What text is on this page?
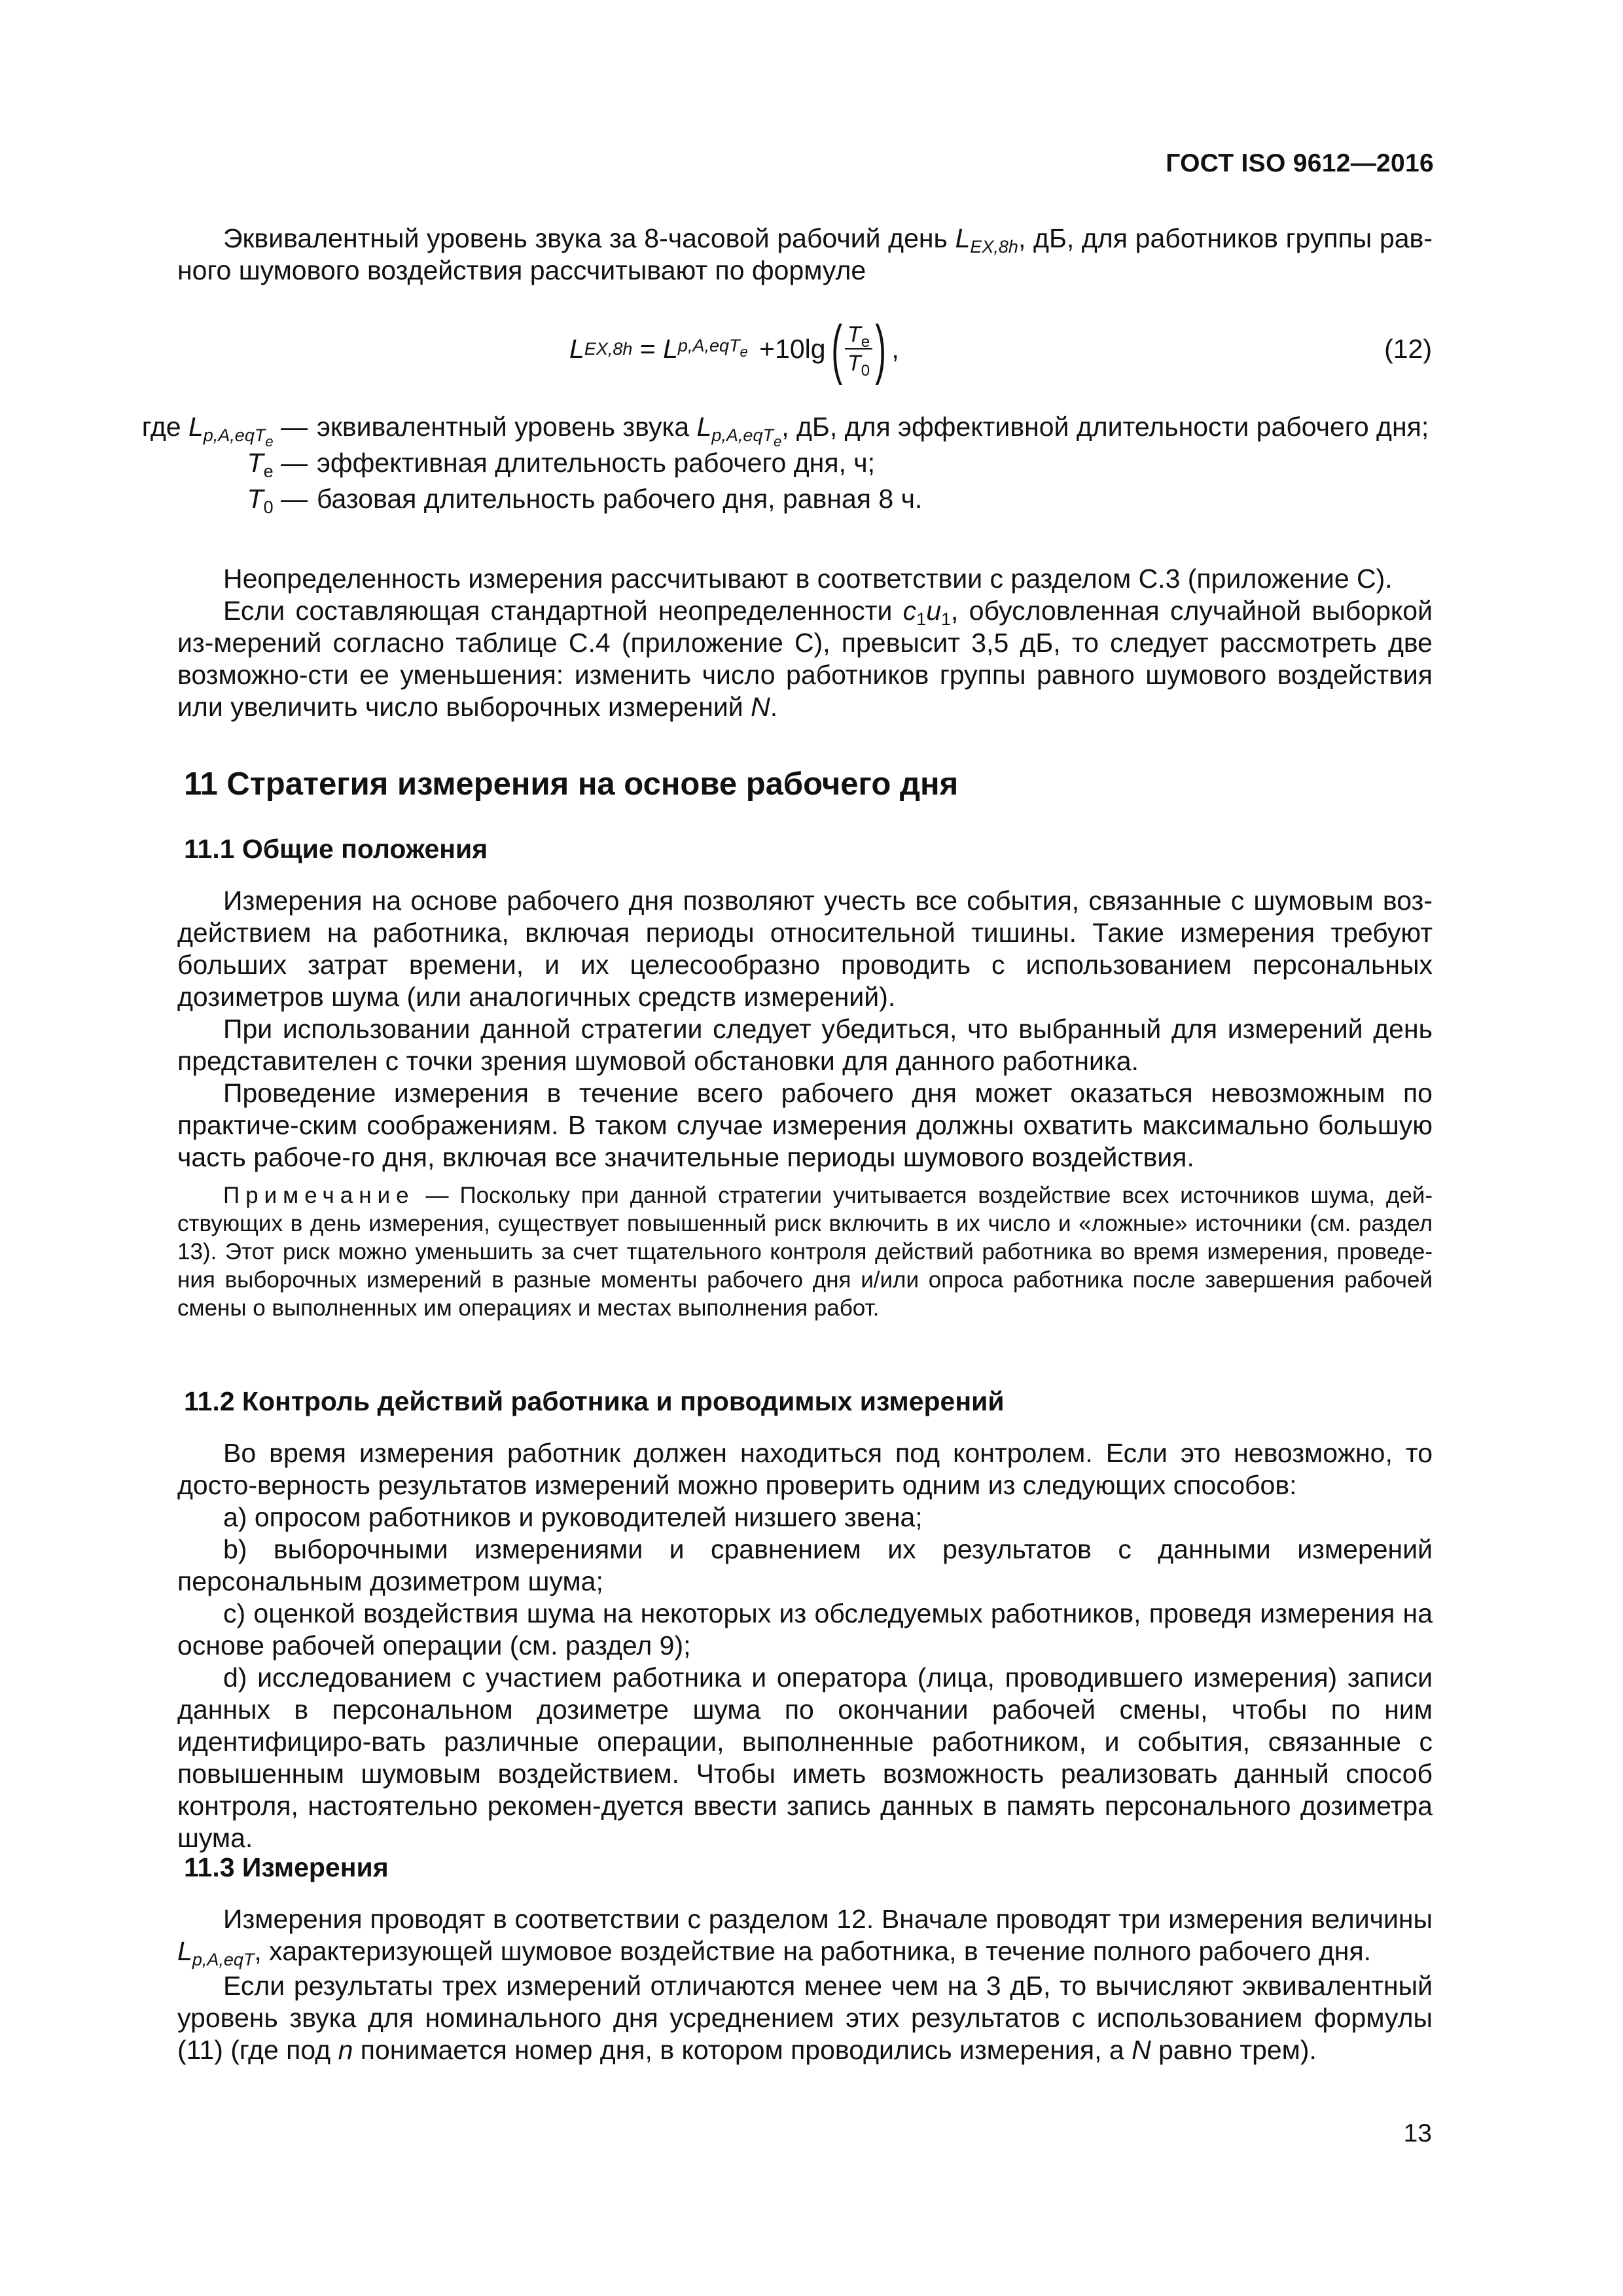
ГОСТ ISO 9612—2016

Эквивалентный уровень звука за 8-часовой рабочий день $L_{EX,8h}$, дБ, для работников группы рав-ного шумового воздействия рассчитывают по формуле

L EX,8h = L p,A,eqT$_e$ +10lg ( $\frac{T_e}{T_0}$ ) ,	(12)
где $L_{p,A,eqT_e}$ — эквивалентный уровень звука $L_{p,A,eqT_e}$, дБ, для эффективной длительности рабочего дня;
$T_e$ — эффективная длительность рабочего дня, ч;
$T_0$ — базовая длительность рабочего дня, равная 8 ч.

Неопределенность измерения рассчитывают в соответствии с разделом С.3 (приложение С).

Если составляющая стандартной неопределенности $c_1u_1$, обусловленная случайной выборкой из-мерений согласно таблице С.4 (приложение С), превысит 3,5 дБ, то следует рассмотреть две возможно-сти ее уменьшения: изменить число работников группы равного шумового воздействия или увеличить число выборочных измерений N.

11 Стратегия измерения на основе рабочего дня
11.1 Общие положения

Измерения на основе рабочего дня позволяют учесть все события, связанные с шумовым воз-действием на работника, включая периоды относительной тишины. Такие измерения требуют больших затрат времени, и их целесообразно проводить с использованием персональных дозиметров шума (или аналогичных средств измерений).

При использовании данной стратегии следует убедиться, что выбранный для измерений день представителен с точки зрения шумовой обстановки для данного работника.

Проведение измерения в течение всего рабочего дня может оказаться невозможным по практиче-ским соображениям. В таком случае измерения должны охватить максимально большую часть рабоче-го дня, включая все значительные периоды шумового воздействия.

Примечание — Поскольку при данной стратегии учитывается воздействие всех источников шума, дей-ствующих в день измерения, существует повышенный риск включить в их число и «ложные» источники (см. раздел 13). Этот риск можно уменьшить за счет тщательного контроля действий работника во время измерения, проведе-ния выборочных измерений в разные моменты рабочего дня и/или опроса работника после завершения рабочей смены о выполненных им операциях и местах выполнения работ.

11.2 Контроль действий работника и проводимых измерений

Во время измерения работник должен находиться под контролем. Если это невозможно, то досто-верность результатов измерений можно проверить одним из следующих способов:

a) опросом работников и руководителей низшего звена;

b) выборочными измерениями и сравнением их результатов с данными измерений персональным дозиметром шума;

c) оценкой воздействия шума на некоторых из обследуемых работников, проведя измерения на основе рабочей операции (см. раздел 9);

d) исследованием с участием работника и оператора (лица, проводившего измерения) записи данных в персональном дозиметре шума по окончании рабочей смены, чтобы по ним идентифициро-вать различные операции, выполненные работником, и события, связанные с повышенным шумовым воздействием. Чтобы иметь возможность реализовать данный способ контроля, настоятельно рекомен-дуется ввести запись данных в память персонального дозиметра шума.

11.3 Измерения

Измерения проводят в соответствии с разделом 12. Вначале проводят три измерения величины $L_{p,A,eqT}$, характеризующей шумовое воздействие на работника, в течение полного рабочего дня.

Если результаты трех измерений отличаются менее чем на 3 дБ, то вычисляют эквивалентный уровень звука для номинального дня усреднением этих результатов с использованием формулы (11) (где под n понимается номер дня, в котором проводились измерения, а N равно трем).

13
